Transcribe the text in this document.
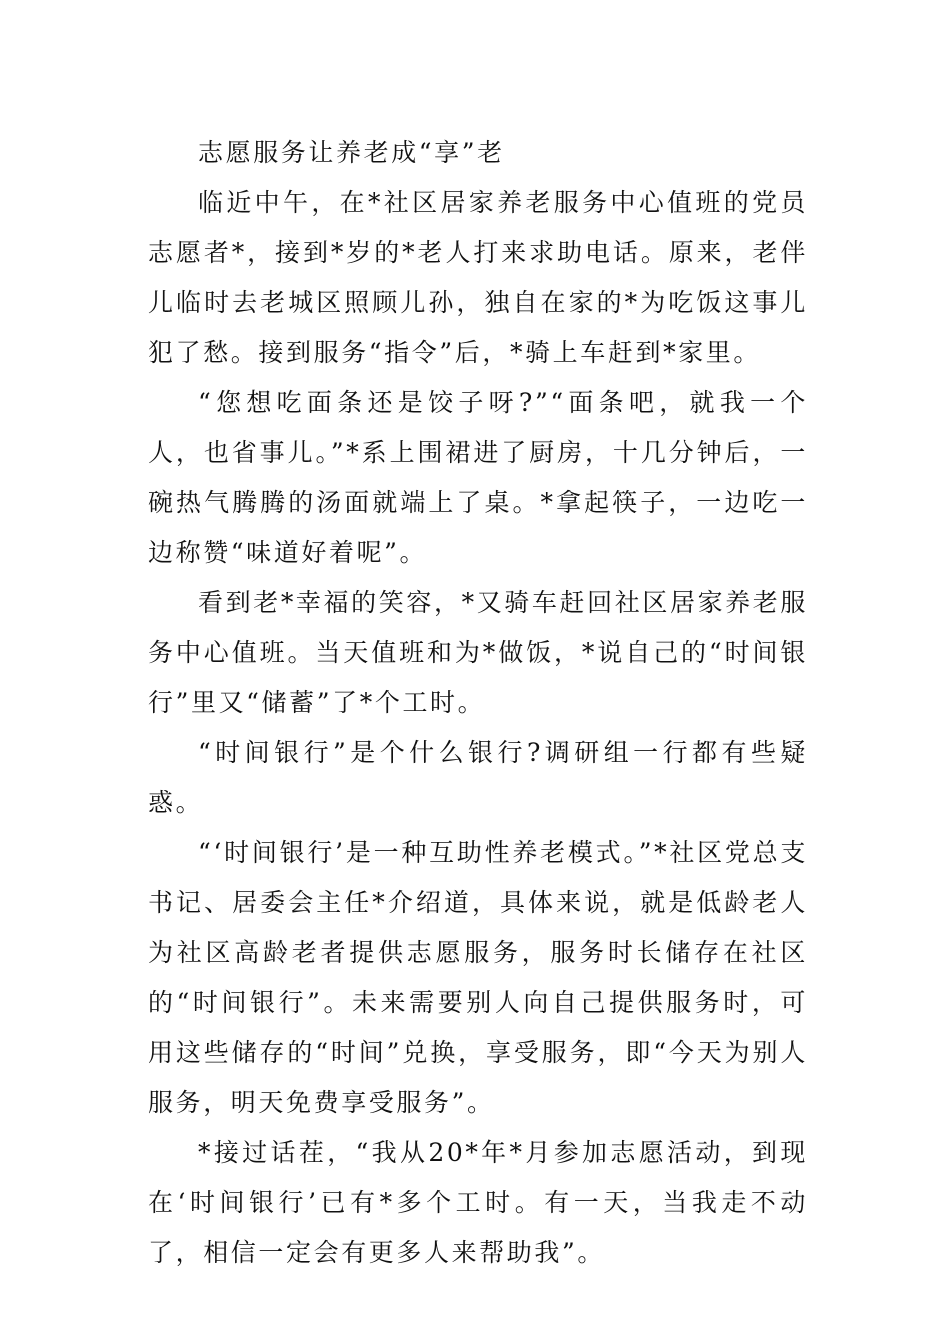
志愿服务让养老成“享”老

临近中午，在*社区居家养老服务中心值班的党员志愿者*，接到*岁的*老人打来求助电话。原来，老伴儿临时去老城区照顾儿孙，独自在家的*为吃饭这事儿犯了愁。接到服务“指令”后，*骑上车赶到*家里。

“您想吃面条还是饺子呀?”“面条吧，就我一个人，也省事儿。”*系上围裙进了厨房，十几分钟后，一碗热气腾腾的汤面就端上了桌。*拿起筷子，一边吃一边称赞“味道好着呢”。

看到老*幸福的笑容，*又骑车赶回社区居家养老服务中心值班。当天值班和为*做饭，*说自己的“时间银行”里又“储蓄”了*个工时。

“时间银行”是个什么银行?调研组一行都有些疑惑。

“‘时间银行’是一种互助性养老模式。”*社区党总支书记、居委会主任*介绍道，具体来说，就是低龄老人为社区高龄老者提供志愿服务，服务时长储存在社区的“时间银行”。未来需要别人向自己提供服务时，可用这些储存的“时间”兑换，享受服务，即“今天为别人服务，明天免费享受服务”。

*接过话茬，“我从20*年*月参加志愿活动，到现在‘时间银行’已有*多个工时。有一天，当我走不动了，相信一定会有更多人来帮助我”。
